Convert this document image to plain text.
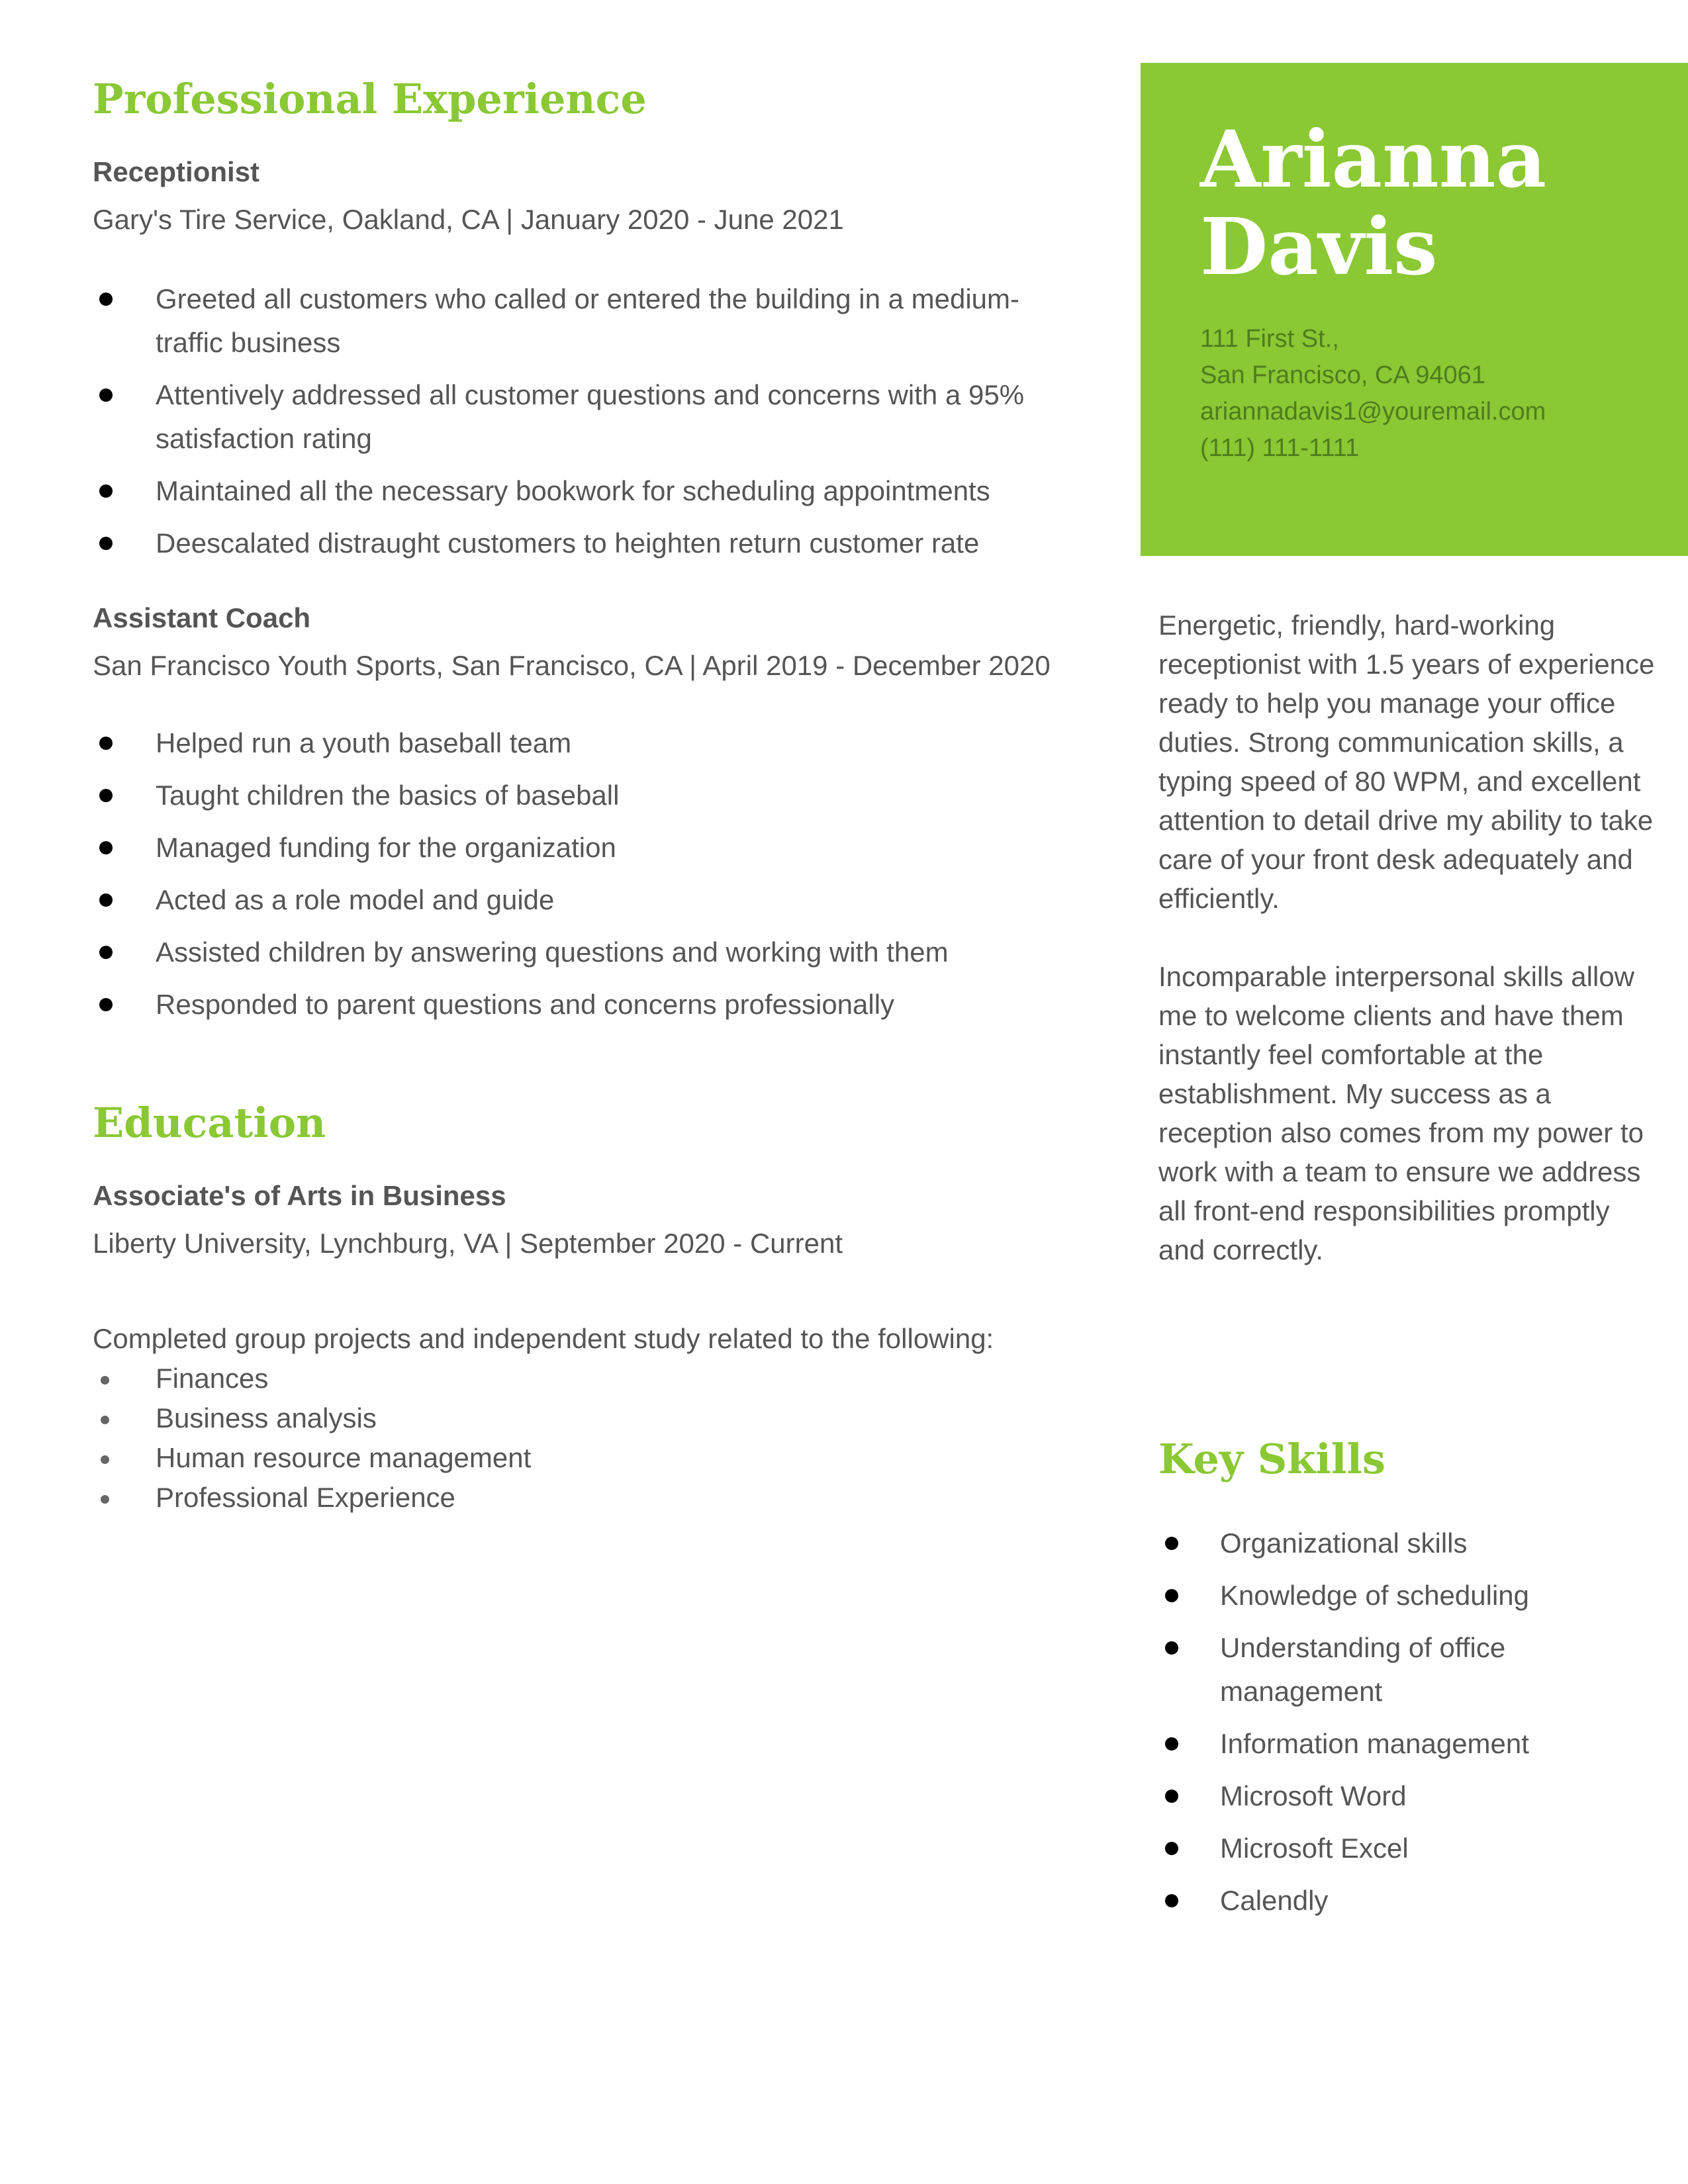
Professional Experience

Receptionist

Gary's Tire Service, Oakland, CA | January 2020 - June 2021

Greeted all customers who called or entered the building in a medium-traffic business
Attentively addressed all customer questions and concerns with a 95% satisfaction rating
Maintained all the necessary bookwork for scheduling appointments
Deescalated distraught customers to heighten return customer rate

Assistant Coach

San Francisco Youth Sports, San Francisco, CA | April 2019 - December 2020

Helped run a youth baseball team
Taught children the basics of baseball
Managed funding for the organization
Acted as a role model and guide
Assisted children by answering questions and working with them
Responded to parent questions and concerns professionally
Education

Associate's of Arts in Business

Liberty University, Lynchburg, VA | September 2020 - Current

Completed group projects and independent study related to the following:

Finances
Business analysis
Human resource management
Professional Experience
Arianna
Davis
111 First St.,
San Francisco, CA 94061
ariannadavis1@youremail.com
(111) 111-1111

Energetic, friendly, hard-working receptionist with 1.5 years of experience ready to help you manage your office duties. Strong communication skills, a typing speed of 80 WPM, and excellent attention to detail drive my ability to take care of your front desk adequately and efficiently.

Incomparable interpersonal skills allow me to welcome clients and have them instantly feel comfortable at the establishment. My success as a reception also comes from my power to work with a team to ensure we address all front-end responsibilities promptly and correctly.

Key Skills
Organizational skills
Knowledge of scheduling
Understanding of office management
Information management
Microsoft Word
Microsoft Excel
Calendly
